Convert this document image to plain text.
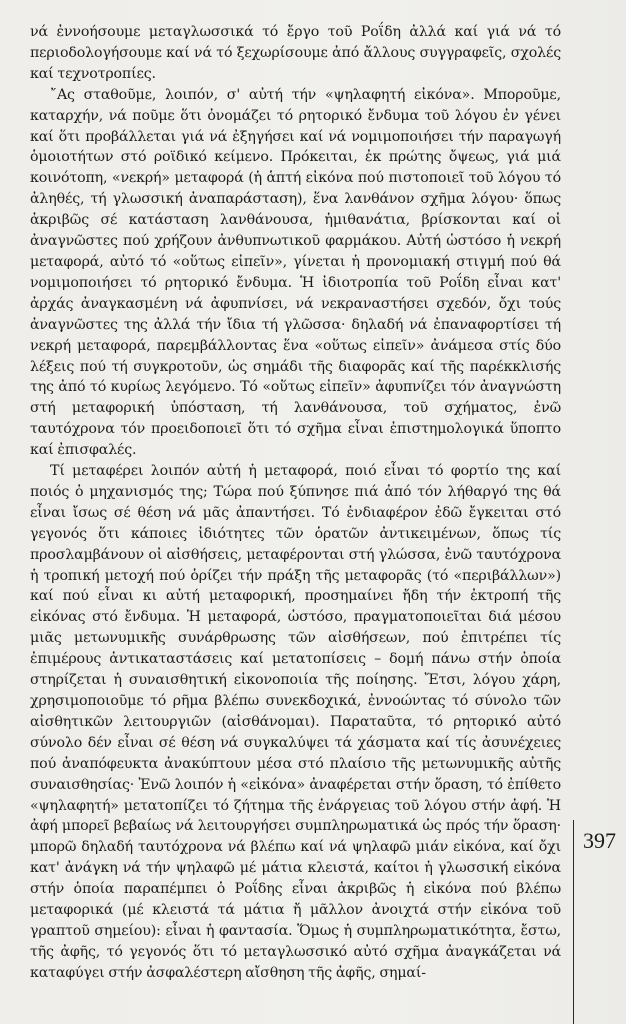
νά ἐννοήσουμε μεταγλωσσικά τό ἔργο τοῦ Ροΐδη ἀλλά καί γιά νά τό περιοδολογήσουμε καί νά τό ξεχωρίσουμε ἀπό ἄλλους συγγραφεῖς, σχολές καί τεχνοτροπίες.

῎Ας σταθοῦμε, λοιπόν, σ' αὐτή τήν «ψηλαφητή εἰκόνα». Μποροῦμε, καταρχήν, νά ποῦμε ὅτι ὀνομάζει τό ρητορικό ἔνδυμα τοῦ λόγου ἐν γένει καί ὅτι προβάλλεται γιά νά ἐξηγήσει καί νά νομιμοποιήσει τήν παραγωγή ὁμοιοτήτων στό ροϊδικό κείμενο. Πρόκειται, ἐκ πρώτης ὄψεως, γιά μιά κοινότοπη, «νεκρή» μεταφορά (ἡ ἁπτή εἰκόνα πού πιστοποιεῖ τοῦ λόγου τό ἀληθές, τή γλωσσική ἀναπαράσταση), ἕνα λανθάνον σχῆμα λόγου· ὅπως ἀκριβῶς σέ κατάσταση λανθάνουσα, ἡμιθανάτια, βρίσκονται καί οἱ ἀναγνῶστες πού χρήζουν ἀνθυπνωτικοῦ φαρμάκου. Αὐτή ὡστόσο ἡ νεκρή μεταφορά, αὐτό τό «οὕτως εἰπεῖν», γίνεται ἡ προνομιακή στιγμή πού θά νομιμοποιήσει τό ρητορικό ἔνδυμα. Ἡ ἰδιοτροπία τοῦ Ροΐδη εἶναι κατ' ἀρχάς ἀναγκασμένη νά ἀφυπνίσει, νά νεκραναστήσει σχεδόν, ὄχι τούς ἀναγνῶστες της ἀλλά τήν ἴδια τή γλῶσσα· δηλαδή νά ἐπαναφορτίσει τή νεκρή μεταφορά, παρεμβάλλοντας ἕνα «οὕτως εἰπεῖν» ἀνάμεσα στίς δύο λέξεις πού τή συγκροτοῦν, ὡς σημάδι τῆς διαφορᾶς καί τῆς παρέκκλισής της ἀπό τό κυρίως λεγόμενο. Τό «οὕτως εἰπεῖν» ἀφυπνίζει τόν ἀναγνώστη στή μεταφορική ὑπόσταση, τή λανθάνουσα, τοῦ σχήματος, ἐνῶ ταυτόχρονα τόν προειδοποιεῖ ὅτι τό σχῆμα εἶναι ἐπιστημολογικά ὕποπτο καί ἐπισφαλές.

Τί μεταφέρει λοιπόν αὐτή ἡ μεταφορά, ποιό εἶναι τό φορτίο της καί ποιός ὁ μηχανισμός της; Τώρα πού ξύπνησε πιά ἀπό τόν λήθαργό της θά εἶναι ἴσως σέ θέση νά μᾶς ἀπαντήσει. Τό ἐνδιαφέρον ἐδῶ ἔγκειται στό γεγονός ὅτι κάποιες ἰδιότητες τῶν ὁρατῶν ἀντικειμένων, ὅπως τίς προσλαμβάνουν οἱ αἰσθήσεις, μεταφέρονται στή γλώσσα, ἐνῶ ταυτόχρονα ἡ τροπική μετοχή πού ὁρίζει τήν πράξη τῆς μεταφορᾶς (τό «περιβάλλων») καί πού εἶναι κι αὐτή μεταφορική, προσημαίνει ἤδη τήν ἐκτροπή τῆς εἰκόνας στό ἔνδυμα. Ἡ μεταφορά, ὡστόσο, πραγματοποιεῖται διά μέσου μιᾶς μετωνυμικῆς συνάρθρωσης τῶν αἰσθήσεων, πού ἐπιτρέπει τίς ἐπιμέρους ἀντικαταστάσεις καί μετατοπίσεις – δομή πάνω στήν ὁποία στηρίζεται ἡ συναισθητική εἰκονοποιία τῆς ποίησης. Ἔτσι, λόγου χάρη, χρησιμοποιοῦμε τό ρῆμα βλέπω συνεκδοχικά, ἐννοώντας τό σύνολο τῶν αἰσθητικῶν λειτουργιῶν (αἰσθάνομαι). Παραταῦτα, τό ρητορικό αὐτό σύνολο δέν εἶναι σέ θέση νά συγκαλύψει τά χάσματα καί τίς ἀσυνέχειες πού ἀναπόφευκτα ἀνακύπτουν μέσα στό πλαίσιο τῆς μετωνυμικῆς αὐτῆς συναισθησίας· Ἐνῶ λοιπόν ἡ «εἰκόνα» ἀναφέρεται στήν ὅραση, τό ἐπίθετο «ψηλαφητή» μετατοπίζει τό ζήτημα τῆς ἐνάργειας τοῦ λόγου στήν ἀφή. Ἡ ἀφή μπορεῖ βεβαίως νά λειτουργήσει συμπληρωματικά ὡς πρός τήν ὅραση· μπορῶ δηλαδή ταυτόχρονα νά βλέπω καί νά ψηλαφῶ μιάν εἰκόνα, καί ὄχι κατ' ἀνάγκη νά τήν ψηλαφῶ μέ μάτια κλειστά, καίτοι ἡ γλωσσική εἰκόνα στήν ὁποία παραπέμπει ὁ Ροΐδης εἶναι ἀκριβῶς ἡ εἰκόνα πού βλέπω μεταφορικά (μέ κλειστά τά μάτια ἤ μᾶλλον ἀνοιχτά στήν εἰκόνα τοῦ γραπτοῦ σημείου): εἶναι ἡ φαντασία. Ὅμως ἡ συμπληρωματικότητα, ἔστω, τῆς ἀφῆς, τό γεγονός ὅτι τό μεταγλωσσικό αὐτό σχῆμα ἀναγκάζεται νά καταφύγει στήν ἀσφαλέστερη αἴσθηση τῆς ἀφῆς, σημαί-

397
